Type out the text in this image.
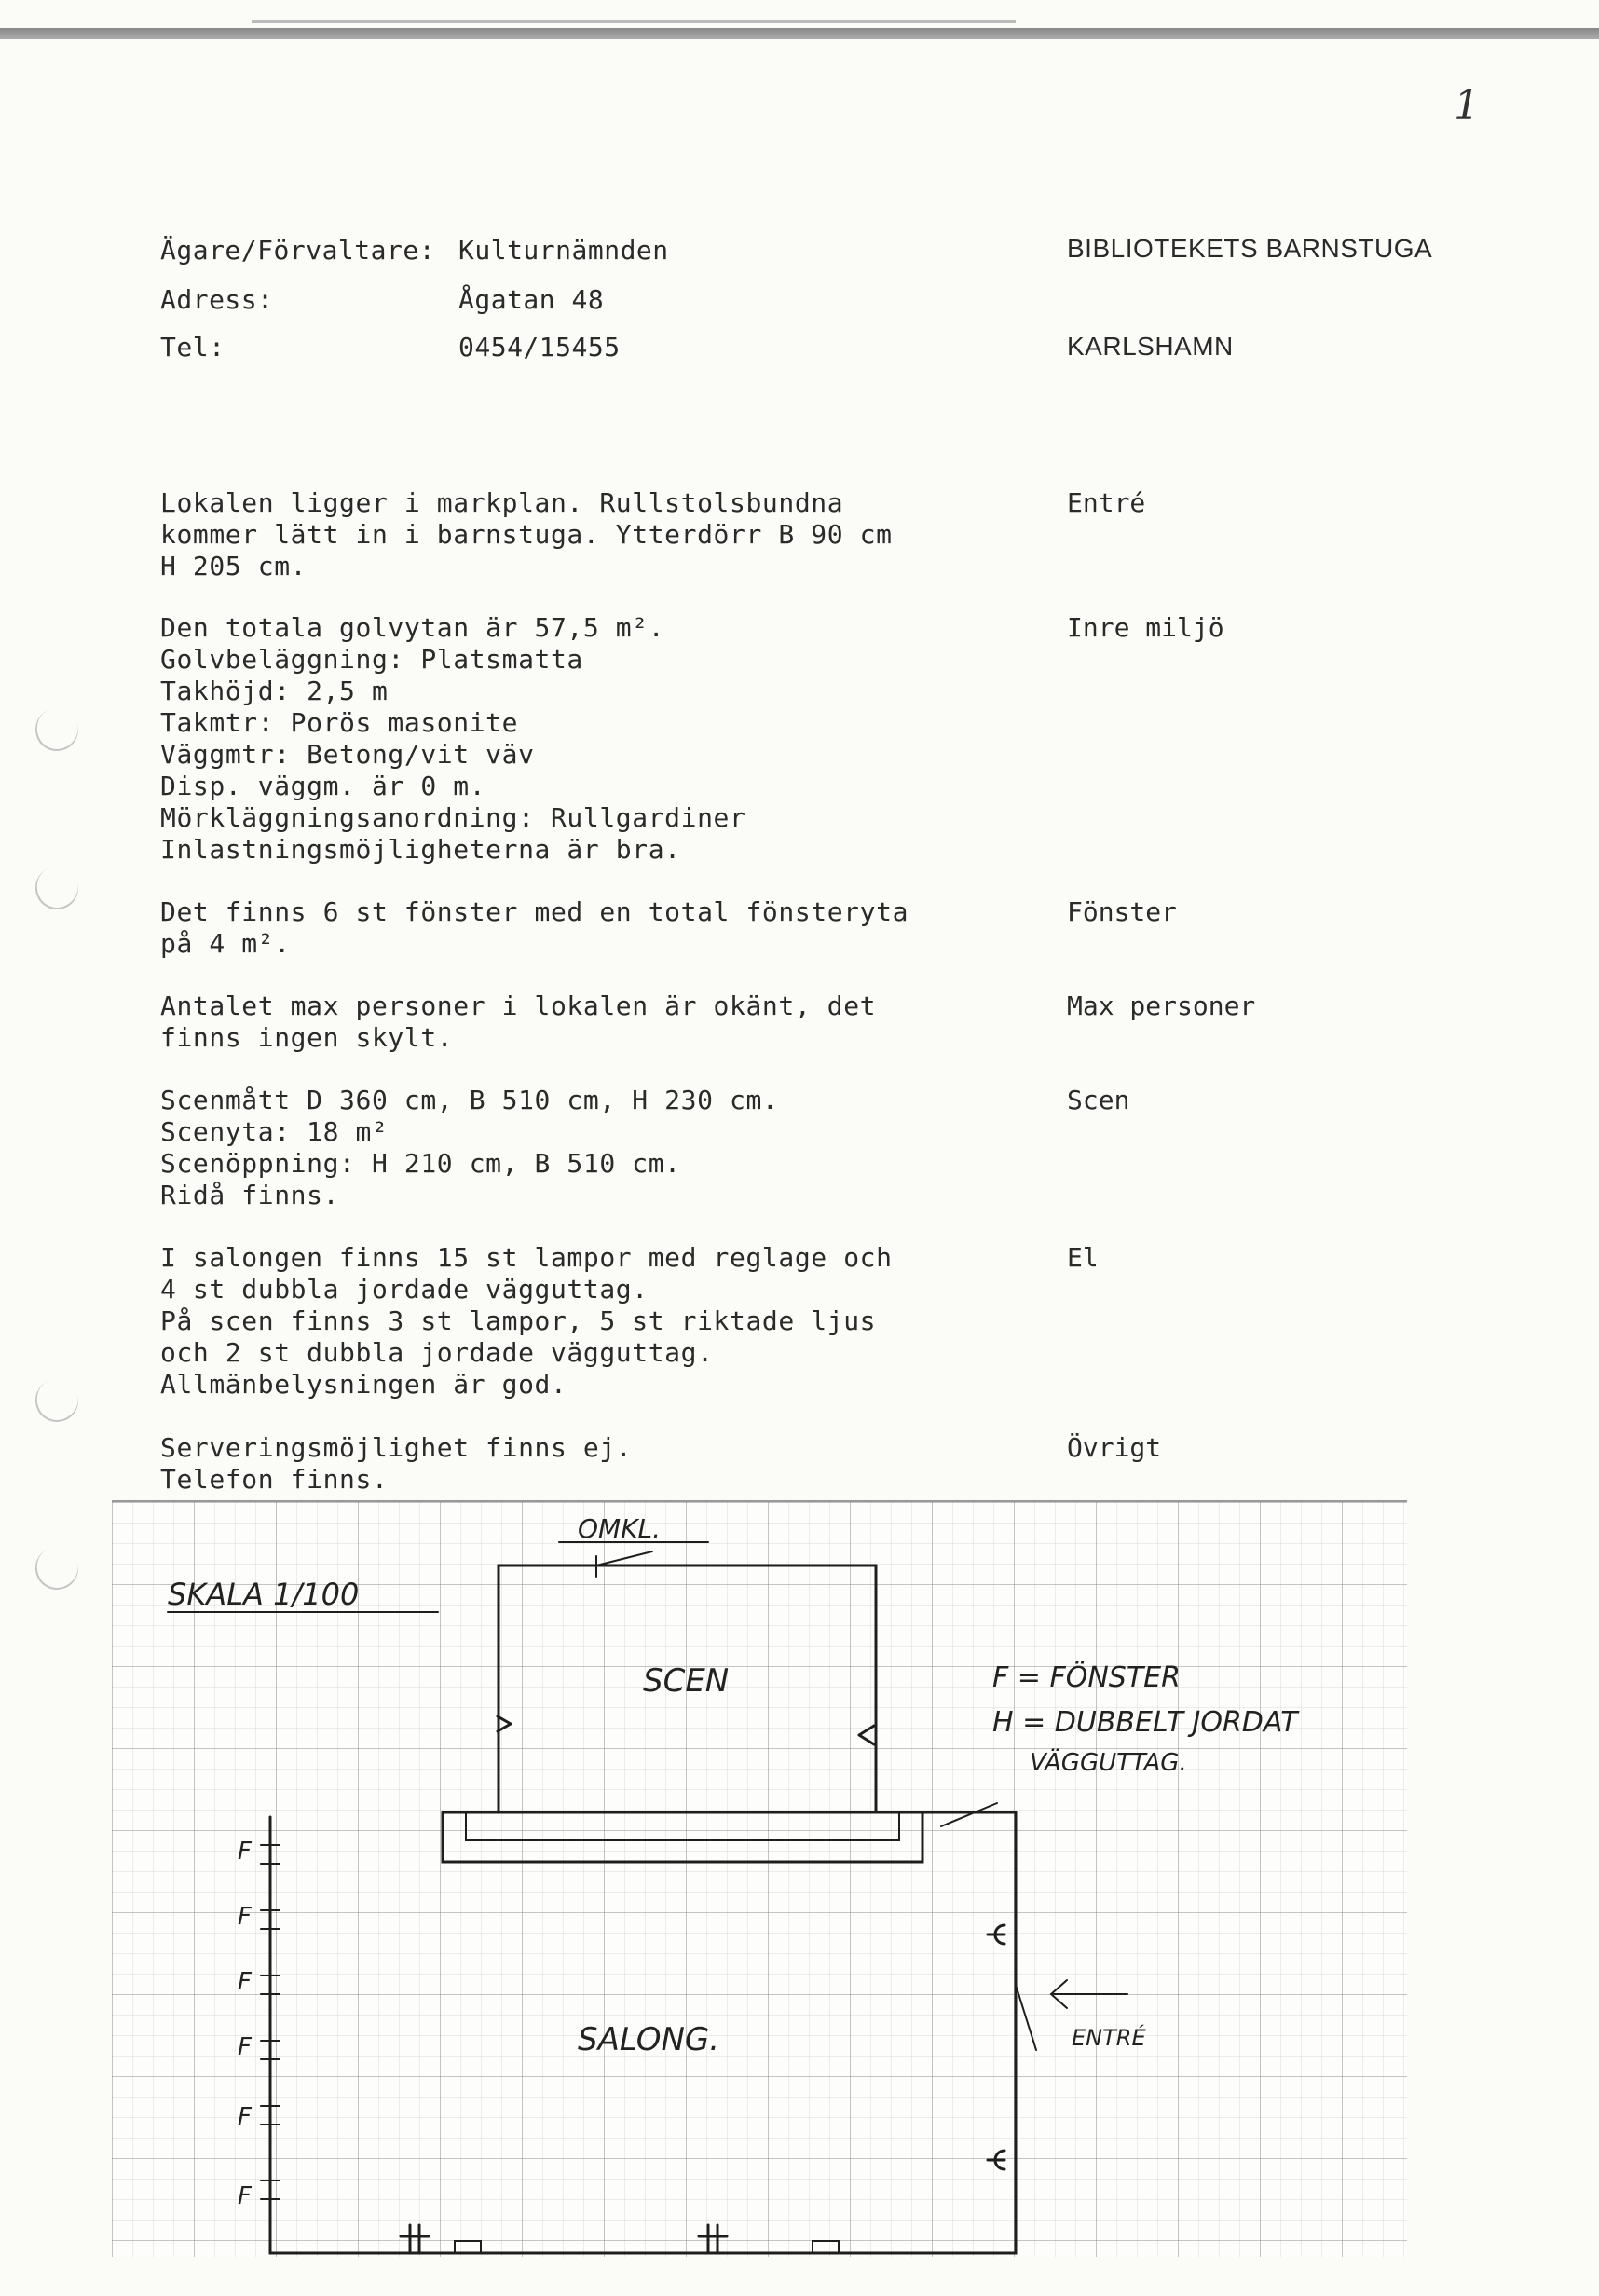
1
Ägare/Förvaltare: Kulturnämnden
Adress:	Ågatan 48
Tel:	0454/15455
BIBLIOTEKETS BARNSTUGA
KARLSHAMN
Entré
Lokalen ligger i markplan. Rullstolsbundna
kommer lätt in i barnstuga. Ytterdörr B 90 cm
H 205 cm.
Inre miljö
Den totala golvytan är 57,5 m².
Golvbeläggning: Platsmatta
Takhöjd: 2,5 m
Takmtr: Porös masonite
Väggmtr: Betong/vit väv
Disp. väggm. är 0 m.
Mörkläggningsanordning: Rullgardiner
Inlastningsmöjligheterna är bra.
Fönster
Det finns 6 st fönster med en total fönsteryta
på 4 m².
Max personer
Antalet max personer i lokalen är okänt, det
finns ingen skylt.
Scen
Scenmått D 360 cm, B 510 cm, H 230 cm.
Scenyta: 18 m²
Scenöppning: H 210 cm, B 510 cm.
Ridå finns.
El
I salongen finns 15 st lampor med reglage och
4 st dubbla jordade vägguttag.
På scen finns 3 st lampor, 5 st riktade ljus
och 2 st dubbla jordade vägguttag.
Allmänbelysningen är god.
Övrigt
Serveringsmöjlighet finns ej.
Telefon finns.
SKALA 1/100
OMKL.
SCEN
SALONG.	ENTRÉ
F = FÖNSTER
H = DUBBELT JORDAT
VÄGGUTTAG.
F
F
F
F
F
F
